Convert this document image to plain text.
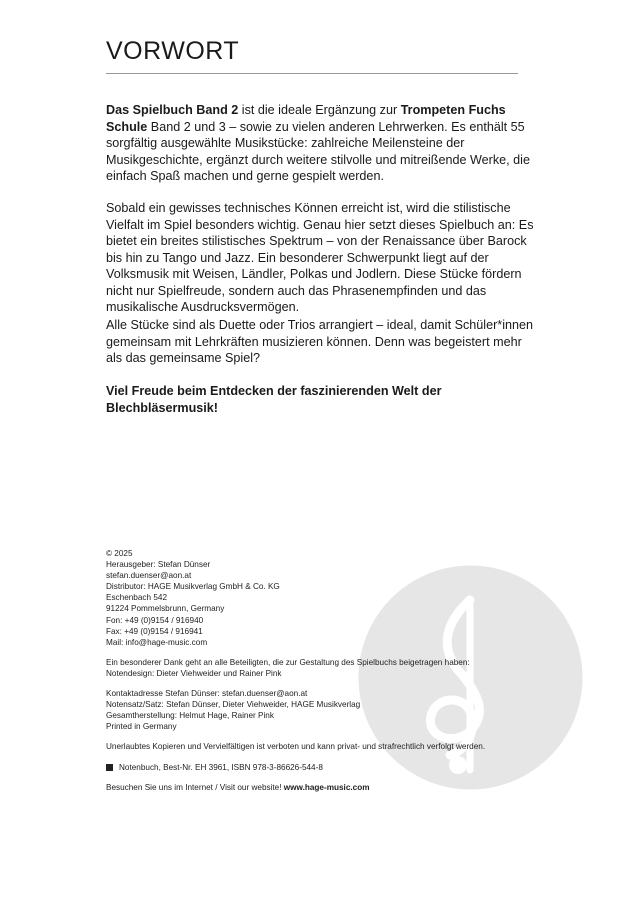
VORWORT

Das Spielbuch Band 2 ist die ideale Ergänzung zur Trompeten Fuchs Schule Band 2 und 3 – sowie zu vielen anderen Lehrwerken. Es enthält 55 sorgfältig ausgewählte Musikstücke: zahlreiche Meilensteine der Musikgeschichte, ergänzt durch weitere stilvolle und mitreißende Werke, die einfach Spaß machen und gerne gespielt werden.

Sobald ein gewisses technisches Können erreicht ist, wird die stilistische Vielfalt im Spiel besonders wichtig. Genau hier setzt dieses Spielbuch an: Es bietet ein breites stilistisches Spektrum – von der Renaissance über Barock bis hin zu Tango und Jazz. Ein besonderer Schwerpunkt liegt auf der Volksmusik mit Weisen, Ländler, Polkas und Jodlern. Diese Stücke fördern nicht nur Spielfreude, sondern auch das Phrasenempfinden und das musikalische Ausdrucksvermögen.

Alle Stücke sind als Duette oder Trios arrangiert – ideal, damit Schüler*innen gemeinsam mit Lehrkräften musizieren können. Denn was begeistert mehr als das gemeinsame Spiel?

Viel Freude beim Entdecken der faszinierenden Welt der Blechbläsermusik!

© 2025
Herausgeber: Stefan Dünser
stefan.duenser@aon.at
Distributor: HAGE Musikverlag GmbH & Co. KG
Eschenbach 542
91224 Pommelsbrunn, Germany
Fon: +49 (0)9154 / 916940
Fax: +49 (0)9154 / 916941
Mail: info@hage-music.com
Ein besonderer Dank geht an alle Beteiligten, die zur Gestaltung des Spielbuchs beigetragen haben:
Notendesign: Dieter Viehweider und Rainer Pink
Kontaktadresse Stefan Dünser: stefan.duenser@aon.at
Notensatz/Satz: Stefan Dünser, Dieter Viehweider, HAGE Musikverlag
Gesamtherstellung: Helmut Hage, Rainer Pink
Printed in Germany
Unerlaubtes Kopieren und Vervielfältigen ist verboten und kann privat- und strafrechtlich verfolgt werden.
Notenbuch, Best-Nr. EH 3961, ISBN 978-3-86626-544-8
Besuchen Sie uns im Internet / Visit our website! www.hage-music.com
